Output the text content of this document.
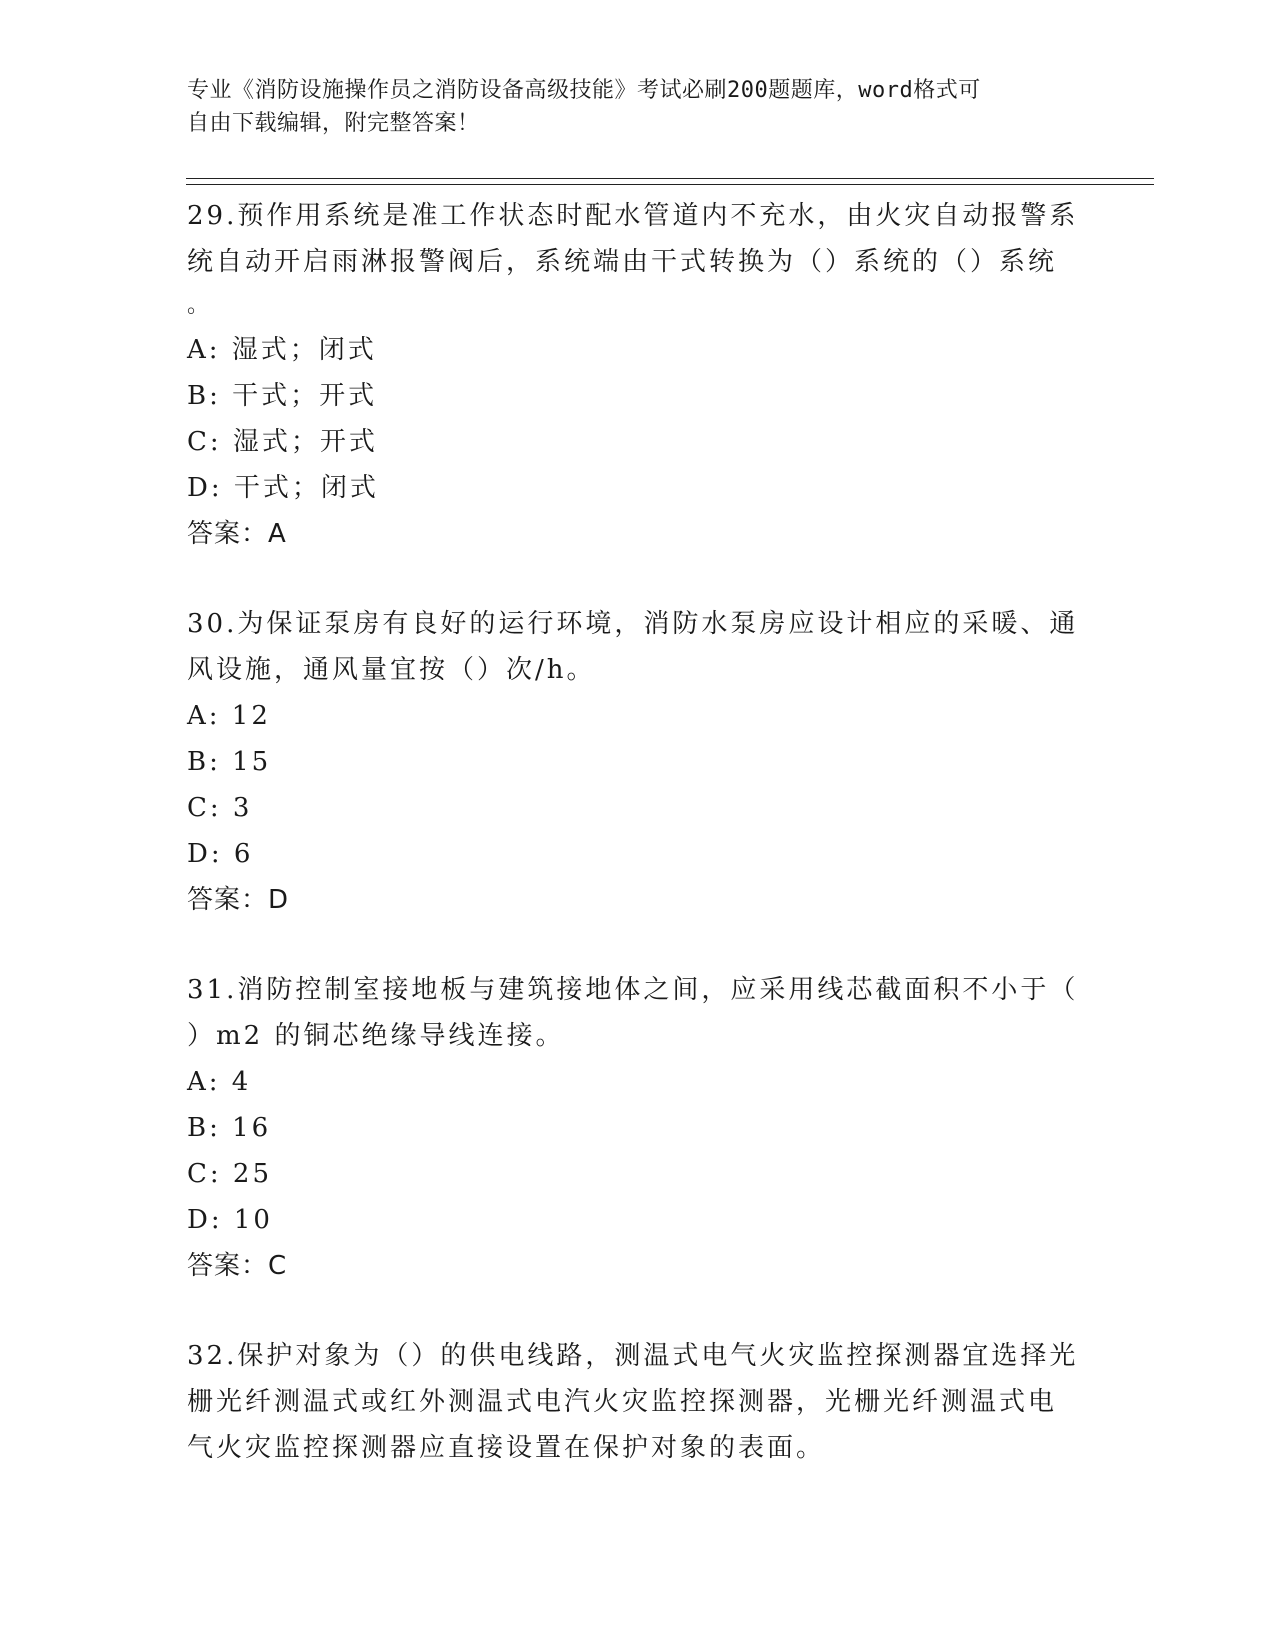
专业《消防设施操作员之消防设备高级技能》考试必刷200题题库，word格式可
自由下载编辑，附完整答案！
29.预作用系统是准工作状态时配水管道内不充水，由火灾自动报警系
统自动开启雨淋报警阀后，系统端由干式转换为（）系统的（）系统
。
A: 湿式；闭式
B: 干式；开式
C: 湿式；开式
D: 干式；闭式
答案：A
30.为保证泵房有良好的运行环境，消防水泵房应设计相应的采暖、通
风设施，通风量宜按（）次/h。
A: 12
B: 15
C: 3
D: 6
答案：D
31.消防控制室接地板与建筑接地体之间，应采用线芯截面积不小于（
）m2 的铜芯绝缘导线连接。
A: 4
B: 16
C: 25
D: 10
答案：C
32.保护对象为（）的供电线路，测温式电气火灾监控探测器宜选择光
栅光纤测温式或红外测温式电汽火灾监控探测器，光栅光纤测温式电
气火灾监控探测器应直接设置在保护对象的表面。
